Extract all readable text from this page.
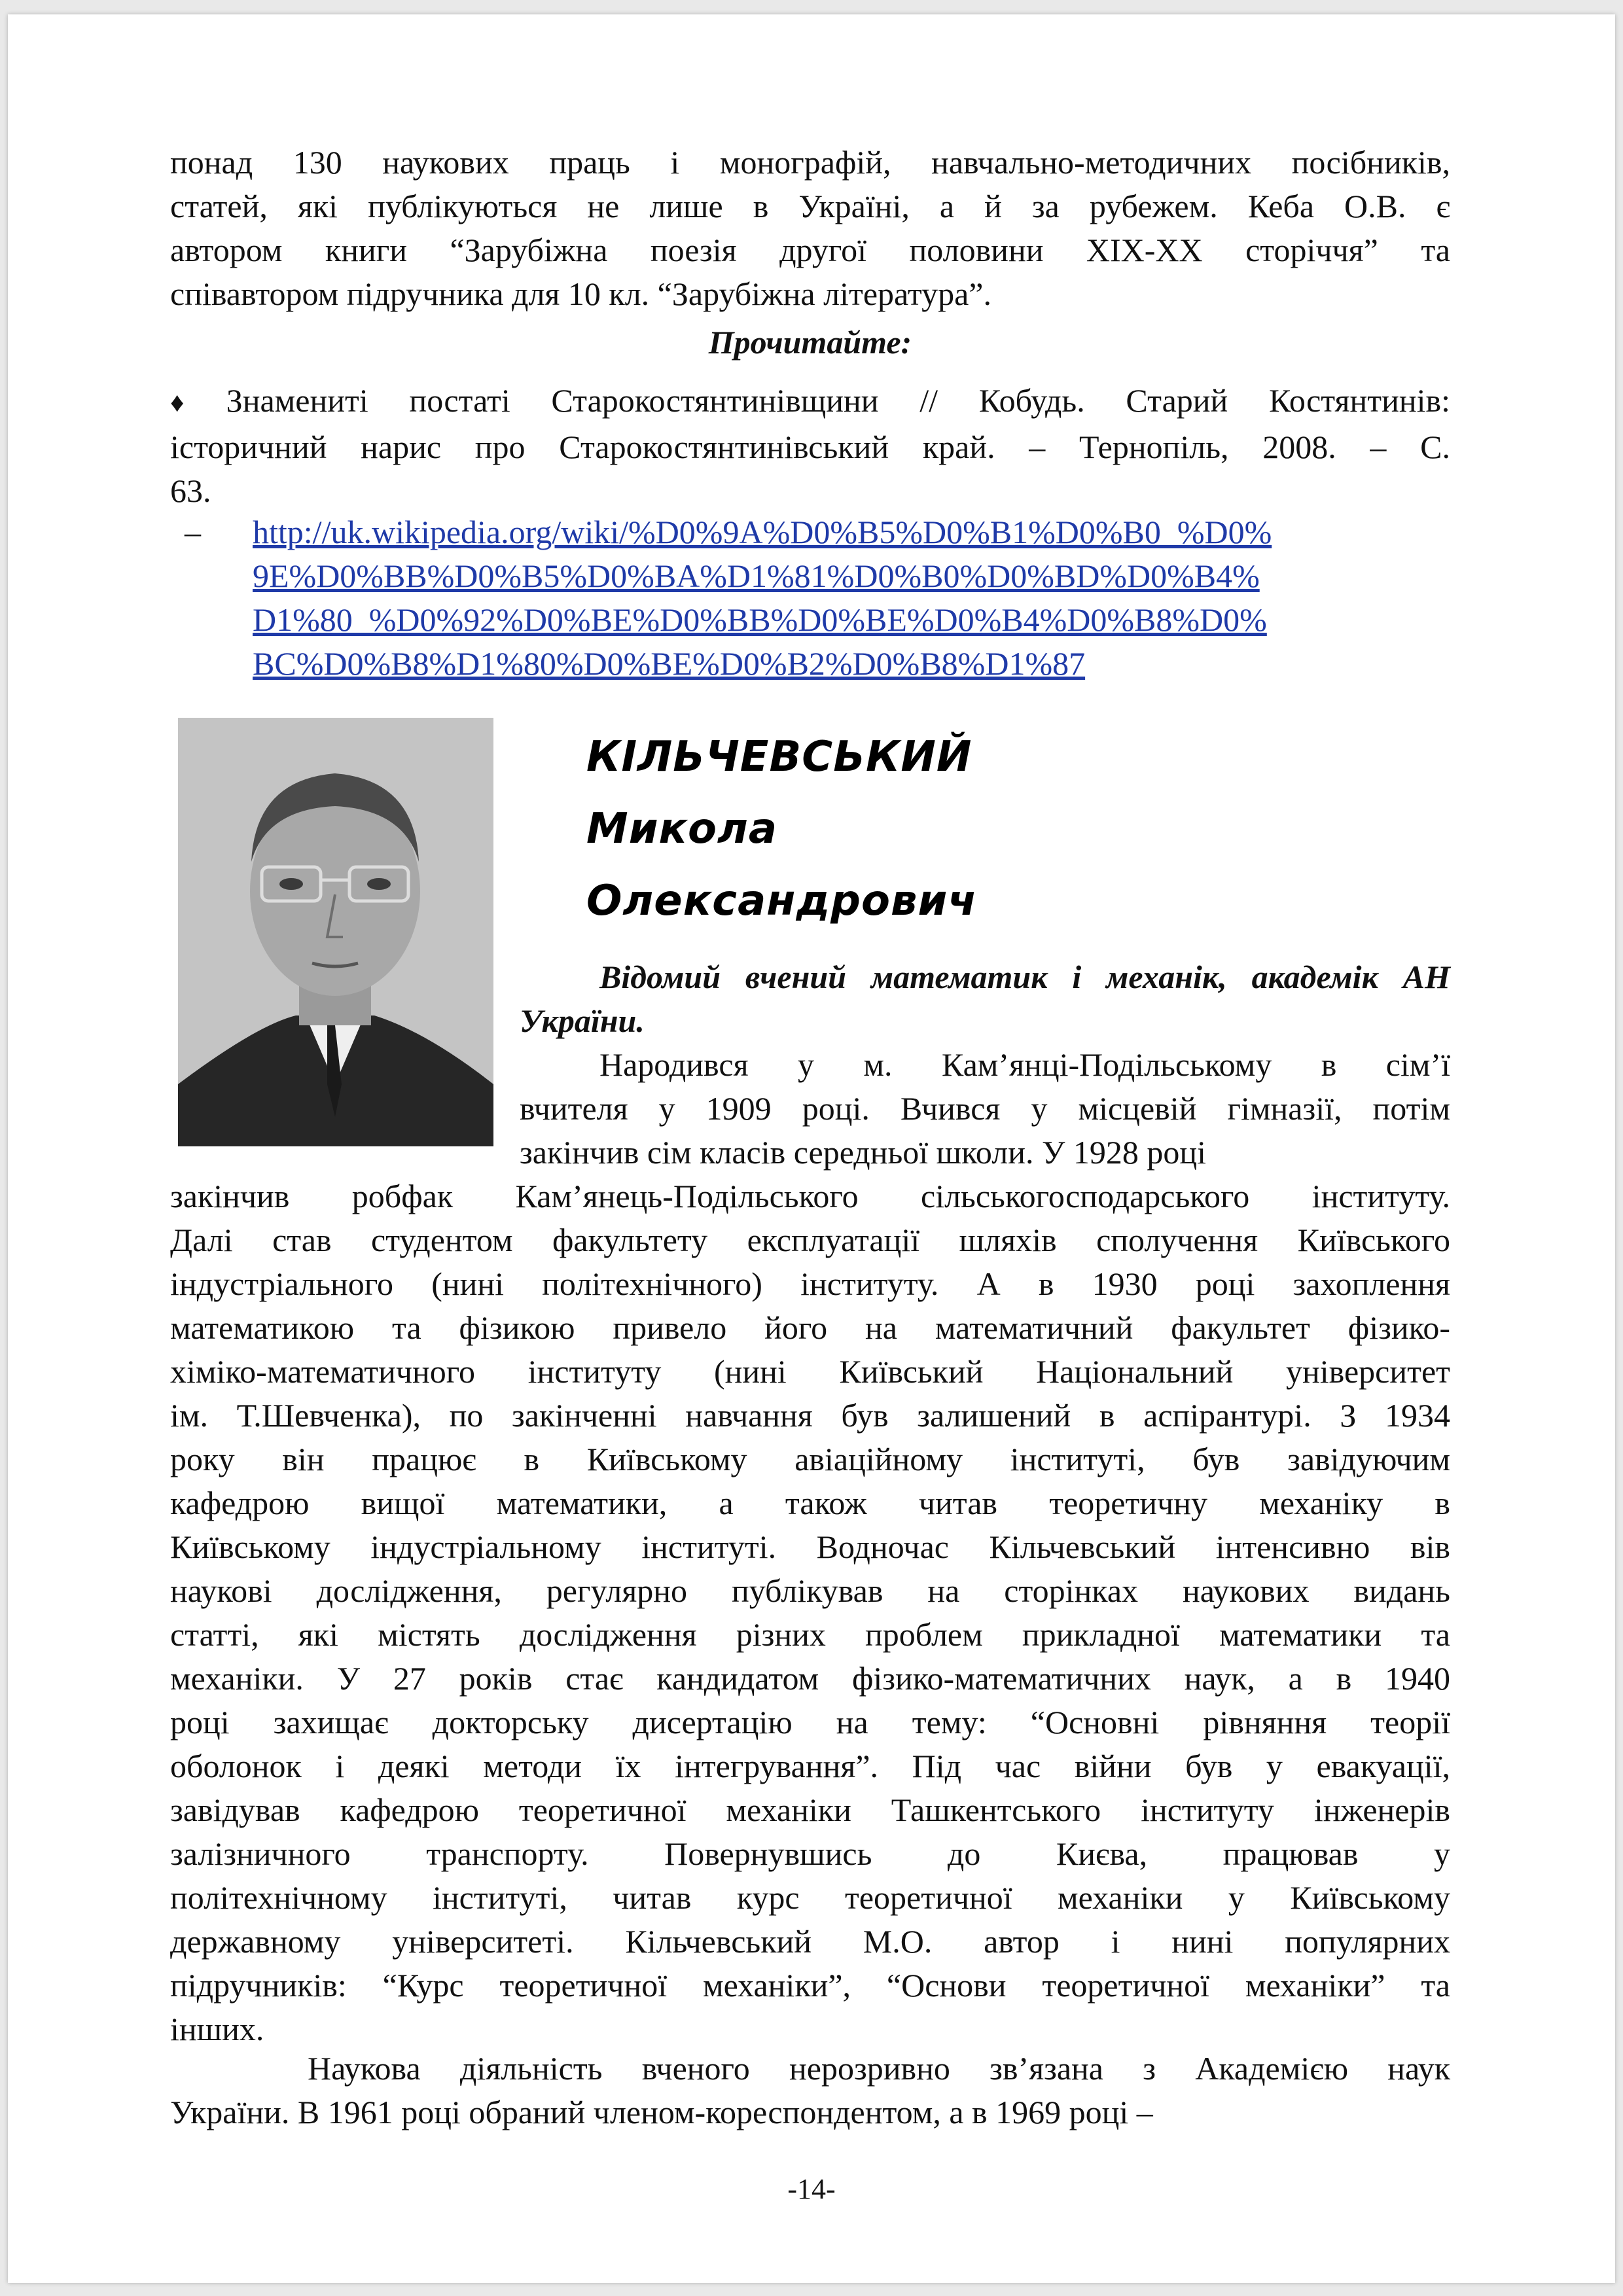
понад 130 наукових праць і монографій, навчально-методичних посібників,

статей, які публікуються не лише в Україні, а й за рубежем. Кеба О.В. є

автором книги “Зарубіжна поезія другої половини ХІХ-ХХ сторіччя” та

співавтором підручника для 10 кл. “Зарубіжна література”.

Прочитайте:

♦ Знамениті постаті Старокостянтинівщини // Кобудь. Старий Костянтинів:

історичний нарис про Старокостянтинівський край. – Тернопіль, 2008. – С.

63.

– http://uk.wikipedia.org/wiki/%D0%9A%D0%B5%D0%B1%D0%B0_%D0%
9E%D0%BB%D0%B5%D0%BA%D1%81%D0%B0%D0%BD%D0%B4%
D1%80_%D0%92%D0%BE%D0%BB%D0%BE%D0%B4%D0%B8%D0%
BC%D0%B8%D1%80%D0%BE%D0%B2%D0%B8%D1%87
КІЛЬЧЕВСЬКИЙ
Микола
Олександрович
Відомий вчений математик і механік, академік АН України.

Народився у м. Кам’янці-Подільському в сім’ї

вчителя у 1909 році. Вчився у місцевій гімназії, потім

закінчив сім класів середньої школи. У 1928 році

закінчив робфак Кам’янець-Подільського сільськогосподарського інституту.

Далі став студентом факультету експлуатації шляхів сполучення Київського

індустріального (нині політехнічного) інституту. А в 1930 році захоплення

математикою та фізикою привело його на математичний факультет фізико-

хіміко-математичного інституту (нині Київський Національний університет

ім. Т.Шевченка), по закінченні навчання був залишений в аспірантурі. З 1934

року він працює в Київському авіаційному інституті, був завідуючим

кафедрою вищої математики, а також читав теоретичну механіку в

Київському індустріальному інституті. Водночас Кільчевський інтенсивно вів

наукові дослідження, регулярно публікував на сторінках наукових видань

статті, які містять дослідження різних проблем прикладної математики та

механіки. У 27 років стає кандидатом фізико-математичних наук, а в 1940

році захищає докторську дисертацію на тему: “Основні рівняння теорії

оболонок і деякі методи їх інтегрування”. Під час війни був у евакуації,

завідував кафедрою теоретичної механіки Ташкентського інституту інженерів

залізничного транспорту. Повернувшись до Києва, працював у

політехнічному інституті, читав курс теоретичної механіки у Київському

державному університеті. Кільчевський М.О. автор і нині популярних

підручників: “Курс теоретичної механіки”, “Основи теоретичної механіки” та

інших.

Наукова діяльність вченого нерозривно зв’язана з Академією наук

України. В 1961 році обраний членом-кореспондентом, а в 1969 році –

-14-
